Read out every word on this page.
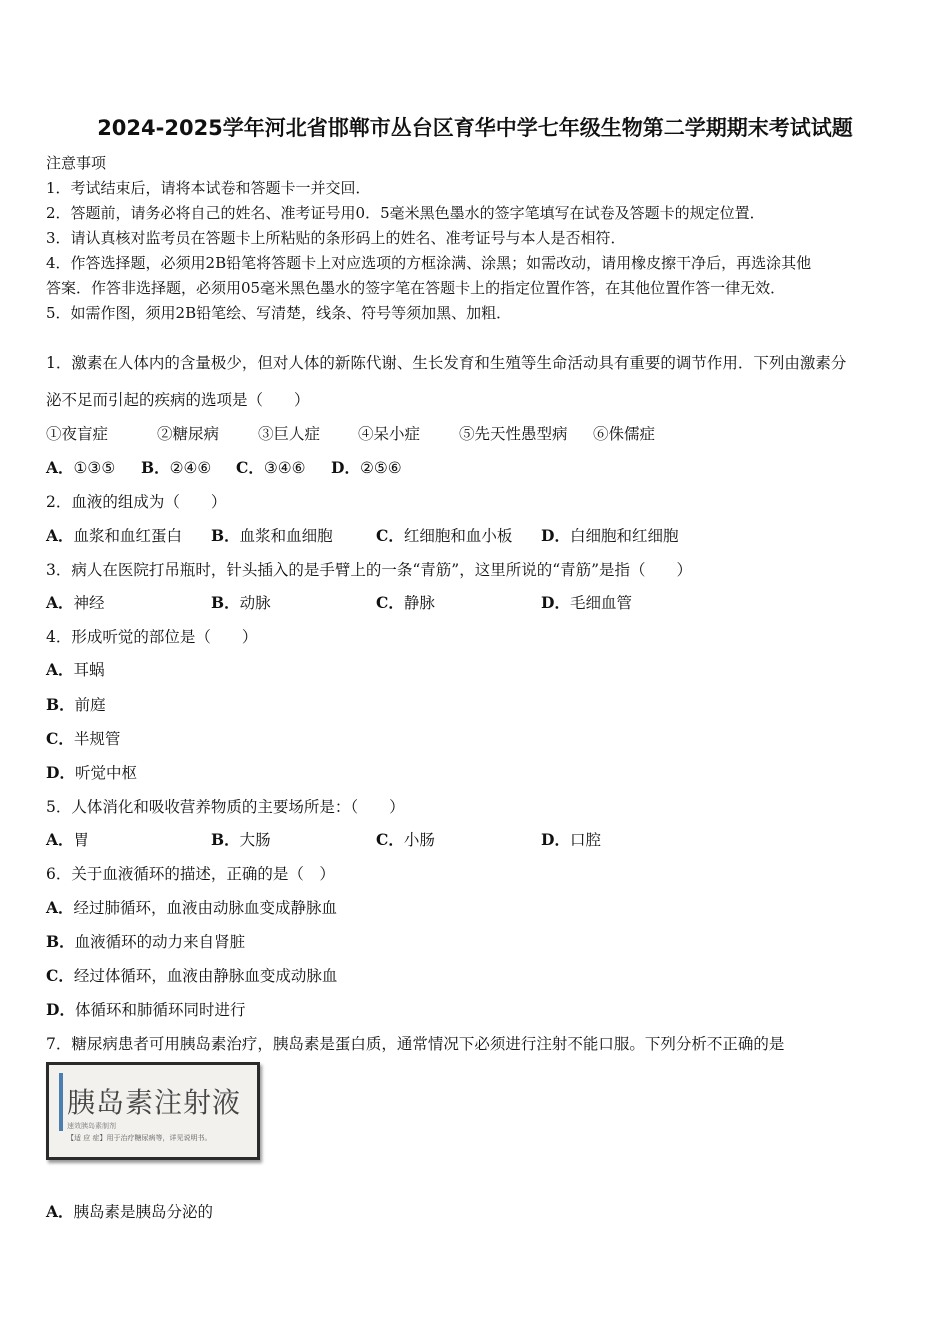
2024-2025学年河北省邯郸市丛台区育华中学七年级生物第二学期期末考试试题
注意事项
1．考试结束后，请将本试卷和答题卡一并交回．
2．答题前，请务必将自己的姓名、准考证号用0．5毫米黑色墨水的签字笔填写在试卷及答题卡的规定位置．
3．请认真核对监考员在答题卡上所粘贴的条形码上的姓名、准考证号与本人是否相符．
4．作答选择题，必须用2B铅笔将答题卡上对应选项的方框涂满、涂黑；如需改动，请用橡皮擦干净后，再选涂其他
答案．作答非选择题，必须用05毫米黑色墨水的签字笔在答题卡上的指定位置作答，在其他位置作答一律无效．
5．如需作图，须用2B铅笔绘、写清楚，线条、符号等须加黑、加粗．
1．激素在人体内的含量极少，但对人体的新陈代谢、生长发育和生殖等生命活动具有重要的调节作用．下列由激素分
泌不足而引起的疾病的选项是（　　）
①夜盲症	②糖尿病	③巨人症 ④呆小症	⑤先天性愚型病 ⑥侏儒症
A．①③⑤ B．②④⑥ C．③④⑥ D．②⑤⑥
2．血液的组成为（　　）
A．血浆和血红蛋白 B．血浆和血细胞	C．红细胞和血小板 D．白细胞和红细胞
3．病人在医院打吊瓶时，针头插入的是手臂上的一条“青筋”，这里所说的“青筋”是指（　　）
A．神经	B．动脉	C．静脉	D．毛细血管
4．形成听觉的部位是（　　）
A．耳蜗
B．前庭
C．半规管
D．听觉中枢
5．人体消化和吸收营养物质的主要场所是：（　　）
A．胃	B．大肠	C．小肠	D．口腔
6．关于血液循环的描述，正确的是（　）
A．经过肺循环，血液由动脉血变成静脉血
B．血液循环的动力来自肾脏
C．经过体循环，血液由静脉血变成动脉血
D．体循环和肺循环同时进行
7．糖尿病患者可用胰岛素治疗，胰岛素是蛋白质，通常情况下必须进行注射不能口服。下列分析不正确的是
胰岛素注射液
速效胰岛素制剂
【适 应 症】用于治疗糖尿病等，详见说明书。
A．胰岛素是胰岛分泌的
